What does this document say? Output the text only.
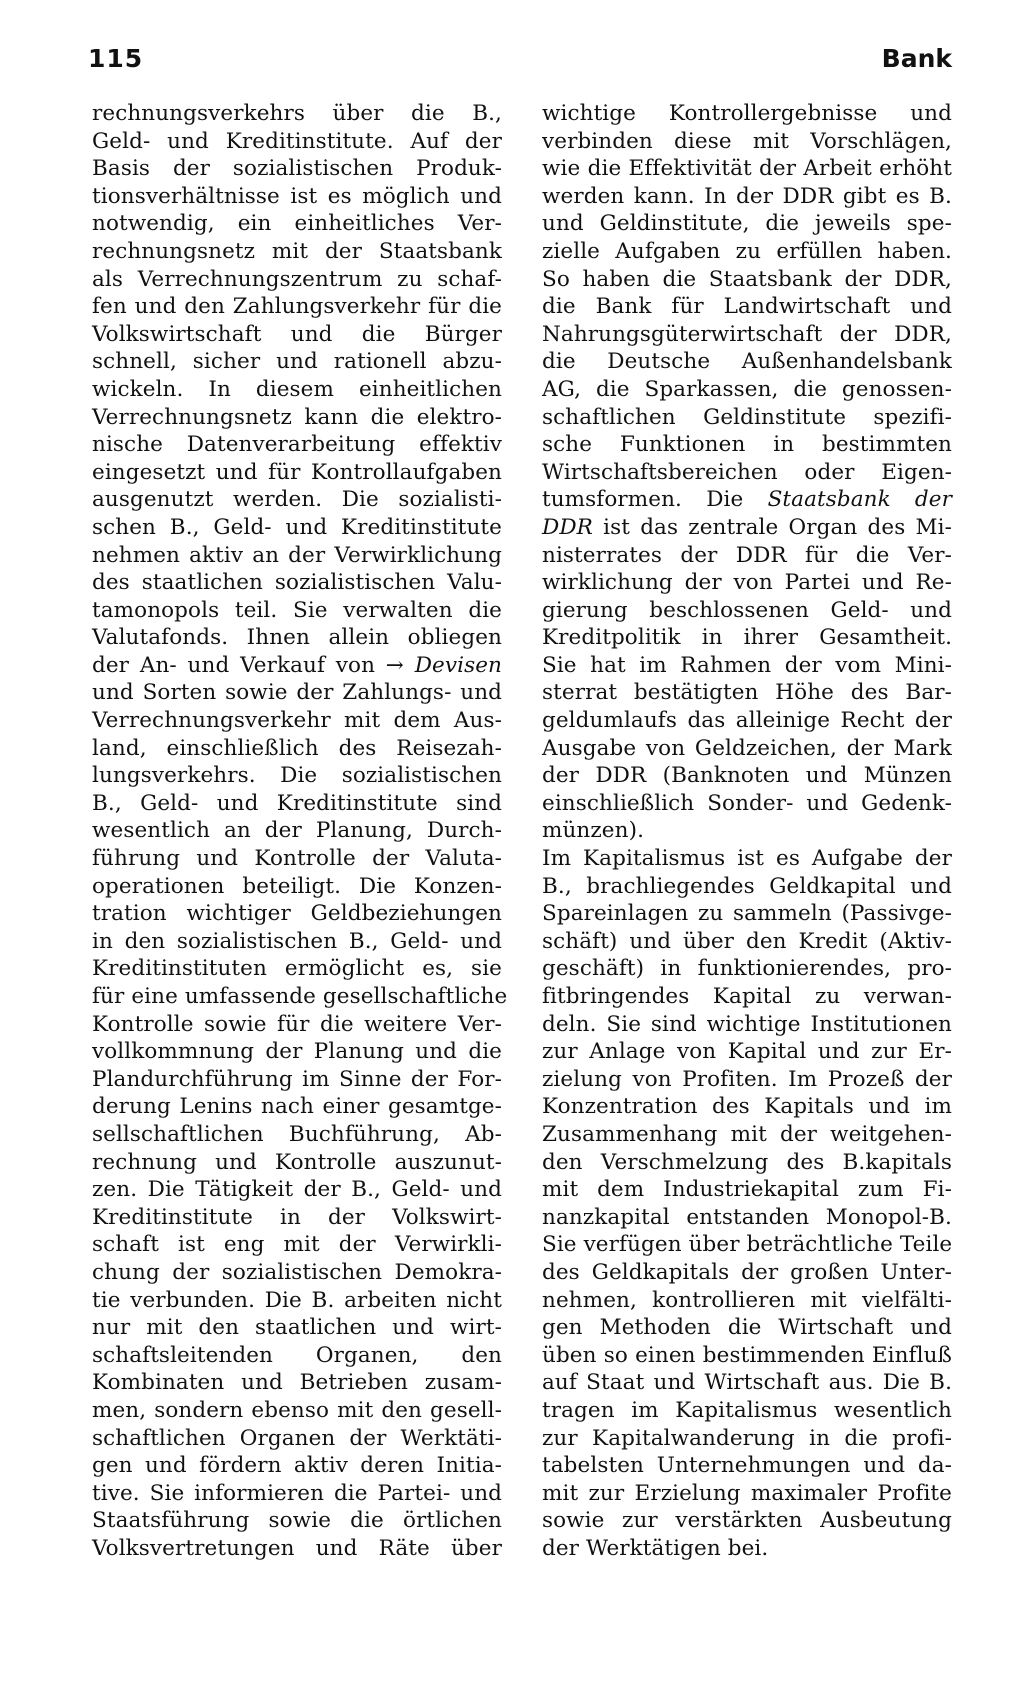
115	Bank
rechnungsverkehrs über die B.,
Geld- und Kreditinstitute. Auf der
Basis der sozialistischen Produk-
tionsverhältnisse ist es möglich und
notwendig, ein einheitliches Ver-
rechnungsnetz mit der Staatsbank
als Verrechnungszentrum zu schaf-
fen und den Zahlungsverkehr für die
Volkswirtschaft und die Bürger
schnell, sicher und rationell abzu-
wickeln. In diesem einheitlichen
Verrechnungsnetz kann die elektro-
nische Datenverarbeitung effektiv
eingesetzt und für Kontrollaufgaben
ausgenutzt werden. Die sozialisti-
schen B., Geld- und Kreditinstitute
nehmen aktiv an der Verwirklichung
des staatlichen sozialistischen Valu-
tamonopols teil. Sie verwalten die
Valutafonds. Ihnen allein obliegen
der An- und Verkauf von → Devisen
und Sorten sowie der Zahlungs- und
Verrechnungsverkehr mit dem Aus-
land, einschließlich des Reisezah-
lungsverkehrs. Die sozialistischen
B., Geld- und Kreditinstitute sind
wesentlich an der Planung, Durch-
führung und Kontrolle der Valuta-
operationen beteiligt. Die Konzen-
tration wichtiger Geldbeziehungen
in den sozialistischen B., Geld- und
Kreditinstituten ermöglicht es, sie
für eine umfassende gesellschaftliche
Kontrolle sowie für die weitere Ver-
vollkommnung der Planung und die
Plandurchführung im Sinne der For-
derung Lenins nach einer gesamtge-
sellschaftlichen Buchführung, Ab-
rechnung und Kontrolle auszunut-
zen. Die Tätigkeit der B., Geld- und
Kreditinstitute in der Volkswirt-
schaft ist eng mit der Verwirkli-
chung der sozialistischen Demokra-
tie verbunden. Die B. arbeiten nicht
nur mit den staatlichen und wirt-
schaftsleitenden Organen, den
Kombinaten und Betrieben zusam-
men, sondern ebenso mit den gesell-
schaftlichen Organen der Werktäti-
gen und fördern aktiv deren Initia-
tive. Sie informieren die Partei- und
Staatsführung sowie die örtlichen
Volksvertretungen und Räte über
wichtige Kontrollergebnisse und
verbinden diese mit Vorschlägen,
wie die Effektivität der Arbeit erhöht
werden kann. In der DDR gibt es B.
und Geldinstitute, die jeweils spe-
zielle Aufgaben zu erfüllen haben.
So haben die Staatsbank der DDR,
die Bank für Landwirtschaft und
Nahrungsgüterwirtschaft der DDR,
die Deutsche Außenhandelsbank
AG, die Sparkassen, die genossen-
schaftlichen Geldinstitute spezifi-
sche Funktionen in bestimmten
Wirtschaftsbereichen oder Eigen-
tumsformen. Die Staatsbank der
DDR ist das zentrale Organ des Mi-
nisterrates der DDR für die Ver-
wirklichung der von Partei und Re-
gierung beschlossenen Geld- und
Kreditpolitik in ihrer Gesamtheit.
Sie hat im Rahmen der vom Mini-
sterrat bestätigten Höhe des Bar-
geldumlaufs das alleinige Recht der
Ausgabe von Geldzeichen, der Mark
der DDR (Banknoten und Münzen
einschließlich Sonder- und Gedenk-
münzen).
Im Kapitalismus ist es Aufgabe der
B., brachliegendes Geldkapital und
Spareinlagen zu sammeln (Passivge-
schäft) und über den Kredit (Aktiv-
geschäft) in funktionierendes, pro-
fitbringendes Kapital zu verwan-
deln. Sie sind wichtige Institutionen
zur Anlage von Kapital und zur Er-
zielung von Profiten. Im Prozeß der
Konzentration des Kapitals und im
Zusammenhang mit der weitgehen-
den Verschmelzung des B.kapitals
mit dem Industriekapital zum Fi-
nanzkapital entstanden Monopol-B.
Sie verfügen über beträchtliche Teile
des Geldkapitals der großen Unter-
nehmen, kontrollieren mit vielfälti-
gen Methoden die Wirtschaft und
üben so einen bestimmenden Einfluß
auf Staat und Wirtschaft aus. Die B.
tragen im Kapitalismus wesentlich
zur Kapitalwanderung in die profi-
tabelsten Unternehmungen und da-
mit zur Erzielung maximaler Profite
sowie zur verstärkten Ausbeutung
der Werktätigen bei.
